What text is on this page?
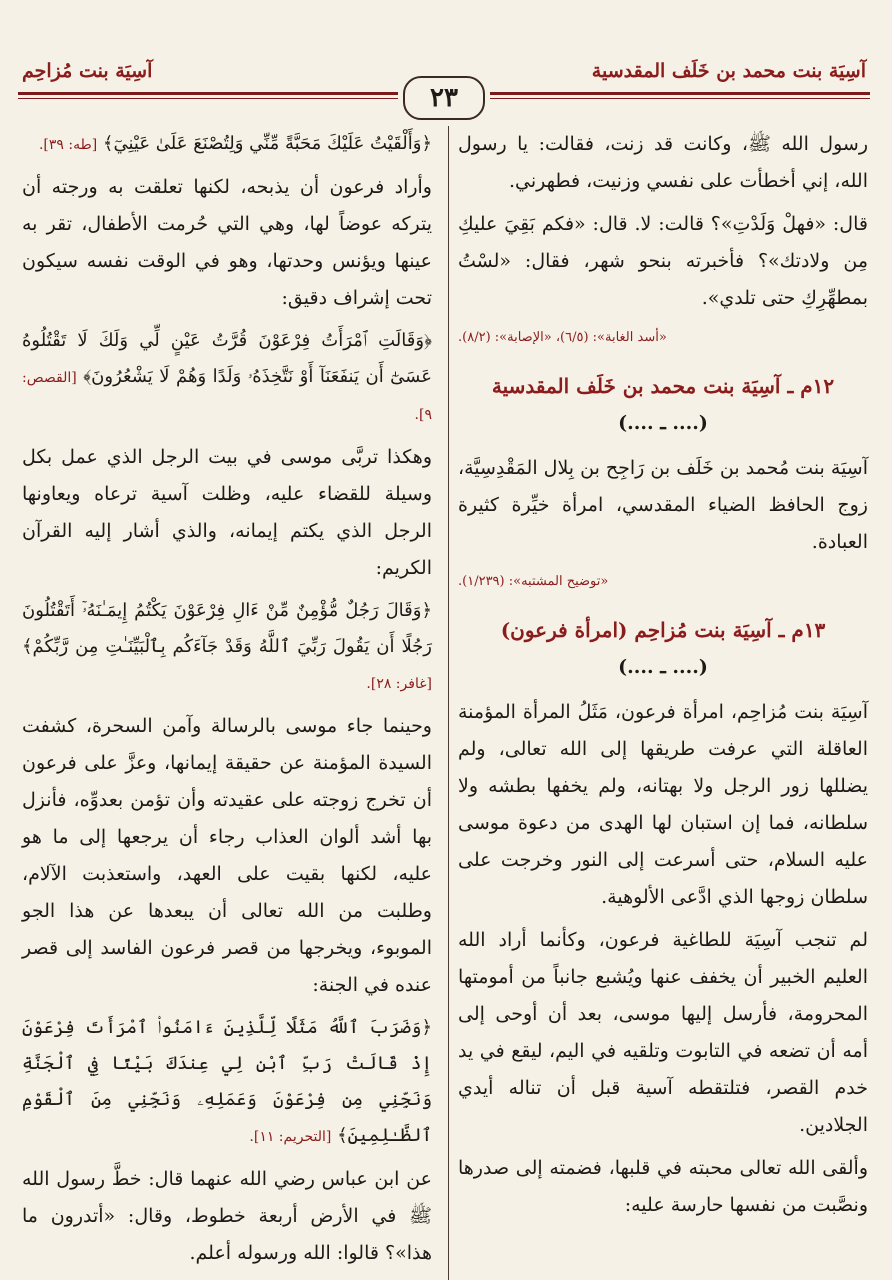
آسِيَة بنت محمد بن خَلَف المقدسية
آسِيَة بنت مُزاحِم
٢٣

رسول الله ﷺ، وكانت قد زنت، فقالت: يا رسول الله، إني أخطأت على نفسي وزنيت، فطهرني.

قال: «فهلْ وَلَدْتِ»؟ قالت: لا. قال: «فكم بَقِيَ عليكِ مِن ولادتك»؟ فأخبرته بنحو شهر، فقال: «لسْتُ بمطهِّرِكِ حتى تلدي».

«أسد الغابة»: (٦/٥)، «الإصابة»: (٨/٢).
١٢م ـ آسِيَة بنت محمد بن خَلَف المقدسية
(.... ـ ....)

آسِيَة بنت مُحمد بن خَلَف بن رَاجِح بن بِلال المَقْدِسِيَّة، زوج الحافظ الضياء المقدسي، امرأة خيِّرة كثيرة العبادة.

«توضيح المشتبه»: (١/٢٣٩).
١٣م ـ آسِيَة بنت مُزاحِم (امرأة فرعون)
(.... ـ ....)

آسِيَة بنت مُزاحِم، امرأة فرعون، مَثَلُ المرأة المؤمنة العاقلة التي عرفت طريقها إلى الله تعالى، ولم يضللها زور الرجل ولا بهتانه، ولم يخفها بطشه ولا سلطانه، فما إن استبان لها الهدى من دعوة موسى عليه السلام، حتى أسرعت إلى النور وخرجت على سلطان زوجها الذي ادَّعى الألوهية.

لم تنجب آسِيَة للطاغية فرعون، وكأنما أراد الله العليم الخبير أن يخفف عنها ويُشبع جانباً من أمومتها المحرومة، فأرسل إليها موسى، بعد أن أوحى إلى أمه أن تضعه في التابوت وتلقيه في اليم، ليقع في يد خدم القصر، فتلتقطه آسية قبل أن تناله أيدي الجلادين.

وألقى الله تعالى محبته في قلبها، فضمته إلى صدرها ونصَّبت من نفسها حارسة عليه:

﴿وَأَلْقَيْتُ عَلَيْكَ مَحَبَّةً مِّنِّي وَلِتُصْنَعَ عَلَىٰ عَيْنِيٓ﴾ [طه: ٣٩].

وأراد فرعون أن يذبحه، لكنها تعلقت به ورجته أن يتركه عوضاً لها، وهي التي حُرمت الأطفال، تقر به عينها ويؤنس وحدتها، وهو في الوقت نفسه سيكون تحت إشراف دقيق:

﴿وَقَالَتِ ٱمْرَأَتُ فِرْعَوْنَ قُرَّتُ عَيْنٍ لِّي وَلَكَ لَا تَقْتُلُوهُ عَسَىٰٓ أَن يَنفَعَنَآ أَوْ نَتَّخِذَهُۥ وَلَدًا وَهُمْ لَا يَشْعُرُونَ﴾ [القصص: ٩].

وهكذا تربَّى موسى في بيت الرجل الذي عمل بكل وسيلة للقضاء عليه، وظلت آسية ترعاه ويعاونها الرجل الذي يكتم إيمانه، والذي أشار إليه القرآن الكريم:

﴿وَقَالَ رَجُلٌ مُّؤْمِنٌ مِّنْ ءَالِ فِرْعَوْنَ يَكْتُمُ إِيمَـٰنَهُۥٓ أَتَقْتُلُونَ رَجُلًا أَن يَقُولَ رَبِّيَ ٱللَّهُ وَقَدْ جَآءَكُم بِٱلْبَيِّنَـٰتِ مِن رَّبِّكُمْ﴾ [غافر: ٢٨].

وحينما جاء موسى بالرسالة وآمن السحرة، كشفت السيدة المؤمنة عن حقيقة إيمانها، وعزَّ على فرعون أن تخرج زوجته على عقيدته وأن تؤمن بعدوِّه، فأنزل بها أشد ألوان العذاب رجاء أن يرجعها إلى ما هو عليه، لكنها بقيت على العهد، واستعذبت الآلام، وطلبت من الله تعالى أن يبعدها عن هذا الجو الموبوء، ويخرجها من قصر فرعون الفاسد إلى قصر عنده في الجنة:

﴿وَضَرَبَ ٱللَّهُ مَثَلًا لِّلَّذِينَ ءَامَنُوا۟ ٱمْرَأَتَ فِرْعَوْنَ إِذْ قَالَتْ رَبِّ ٱبْنِ لِي عِندَكَ بَيْتًا فِي ٱلْجَنَّةِ وَنَجِّنِي مِن فِرْعَوْنَ وَعَمَلِهِۦ وَنَجِّنِي مِنَ ٱلْقَوْمِ ٱلظَّـٰلِمِينَ﴾ [التحريم: ١١].

عن ابن عباس رضي الله عنهما قال: خطَّ رسول الله ﷺ في الأرض أربعة خطوط، وقال: «أتدرون ما هذا»؟ قالوا: الله ورسوله أعلم.
